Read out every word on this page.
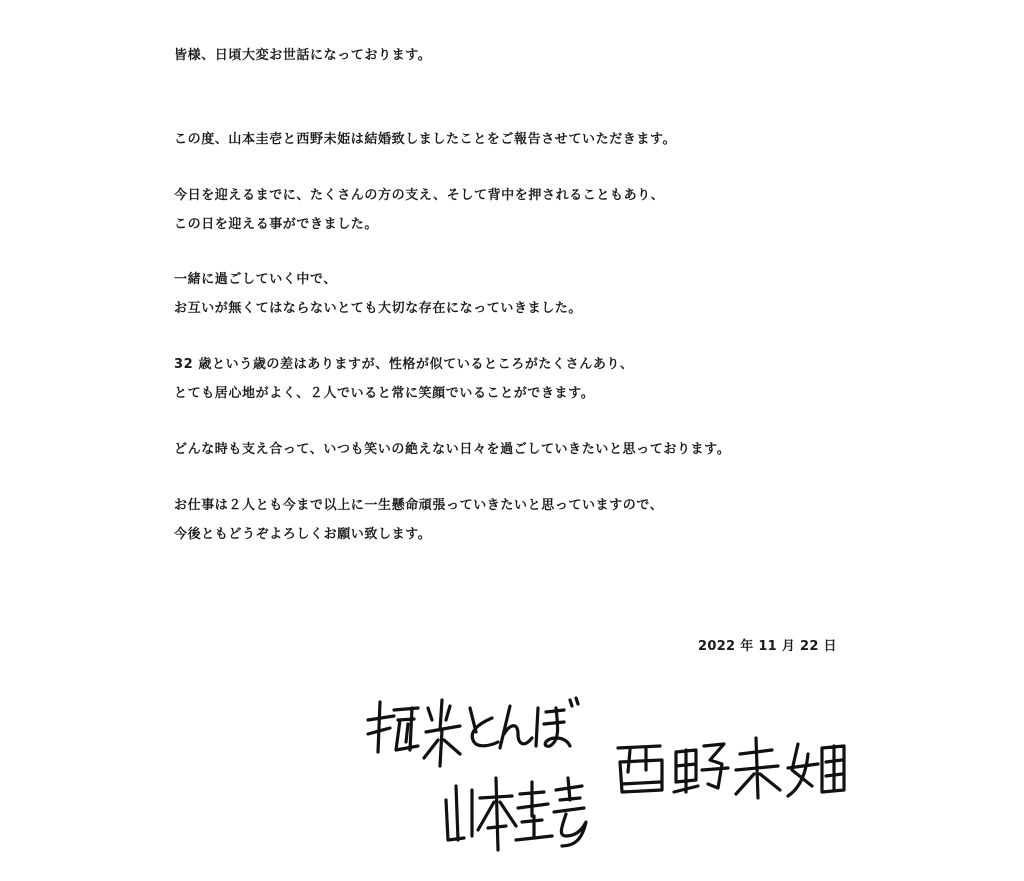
皆様、日頃大変お世話になっております。

この度、山本圭壱と西野未姫は結婚致しましたことをご報告させていただきます。

今日を迎えるまでに、たくさんの方の支え、そして背中を押されることもあり、

この日を迎える事ができました。

一緒に過ごしていく中で、

お互いが無くてはならないとても大切な存在になっていきました。

32 歳という歳の差はありますが、性格が似ているところがたくさんあり、

とても居心地がよく、２人でいると常に笑顔でいることができます。

どんな時も支え合って、いつも笑いの絶えない日々を過ごしていきたいと思っております。

お仕事は２人とも今まで以上に一生懸命頑張っていきたいと思っていますので、

今後ともどうぞよろしくお願い致します。

2022 年 11 月 22 日
